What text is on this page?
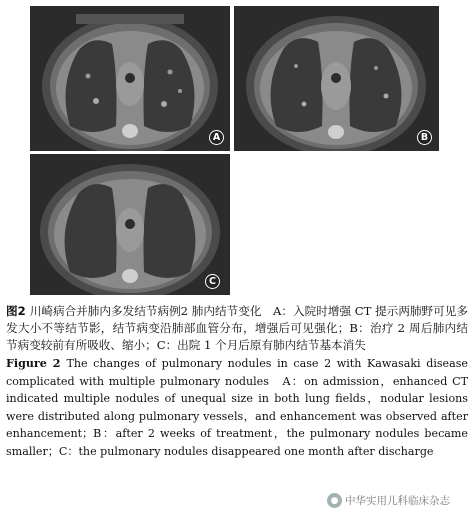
A	B
C

图2 川崎病合并肺内多发结节病例2 肺内结节变化　A：入院时增强 CT 提示两肺野可见多发大小不等结节影，结节病变沿肺部血管分布，增强后可见强化；B：治疗 2 周后肺内结节病变较前有所吸收、缩小；C：出院 1 个月后原有肺内结节基本消失

Figure 2 The changes of pulmonary nodules in case 2 with Kawasaki disease complicated with multiple pulmonary nodules　A：on admission，enhanced CT indicated multiple nodules of unequal size in both lung fields，nodular lesions were distributed along pulmonary vessels，and enhancement was observed after enhancement；B：after 2 weeks of treatment，the pulmonary nodules became smaller；C：the pulmonary nodules disappeared one month after discharge

● 中华实用儿科临床杂志
